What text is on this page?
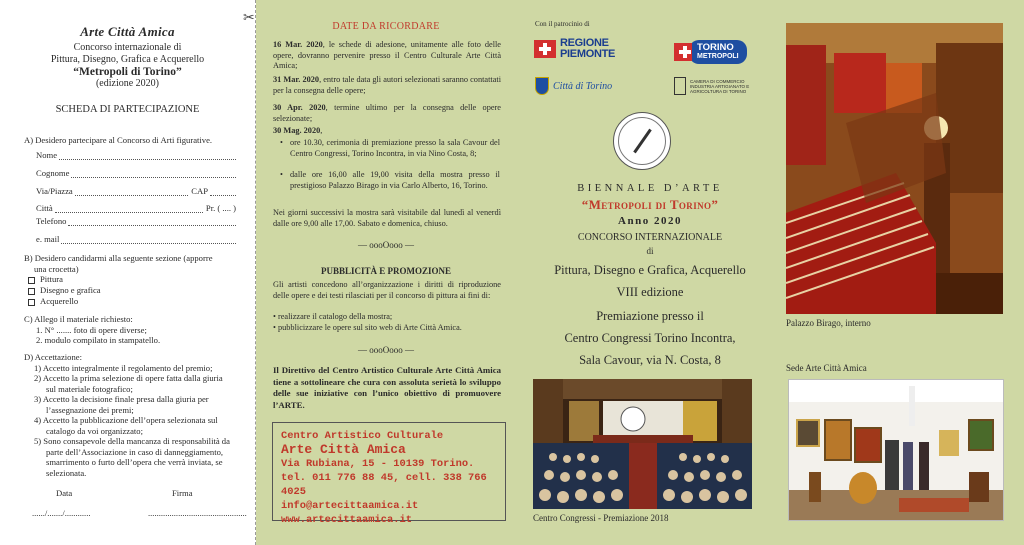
Arte Città Amica
Concorso internazionale di
Pittura, Disegno, Grafica e Acquerello
“Metropoli di Torino”
(edizione 2020)
SCHEDA DI PARTECIPAZIONE
A) Desidero partecipare al Concorso di Arti figurative.
Nome
Cognome
Via/Piazza	CAP
Città	Pr. ( .... )
Telefono
e. mail
B) Desidero candidarmi alla seguente sezione (apporre
una crocetta)
Pittura
Disegno e grafica
Acquerello
C) Allego il materiale richiesto:
1. N° ....... foto di opere diverse;
2. modulo compilato in stampatello.
D) Accettazione:
1) Accetto integralmente il regolamento del premio;
2) Accetto la prima selezione di opere fatta dalla giuria
sul materiale fotografico;
3) Accetto la decisione finale presa dalla giuria per
l’assegnazione dei premi;
4) Accetto la pubblicazione dell’opera selezionata sul
catalogo da voi organizzato;
5) Sono consapevole della mancanza di responsabilità da
parte dell’Associazione in caso di danneggiamento,
smarrimento o furto dell’opera che verrà inviata, se
selezionata.
Data	Firma
....../......./............	..............................................
✂
DATE DA RICORDARE
16 Mar. 2020, le schede di adesione, unitamente alle foto delle opere, dovranno pervenire presso il Centro Culturale Arte Città Amica;
31 Mar. 2020, entro tale data gli autori selezionati saranno contattati per la consegna delle opere;
30 Apr. 2020, termine ultimo per la consegna delle opere selezionate;
30 Mag. 2020,
• ore 10.30, cerimonia di premiazione presso la sala Cavour del Centro Congressi, Torino Incontra, in via Nino Costa, 8;
• dalle ore 16,00 alle 19,00 visita della mostra presso il prestigioso Palazzo Birago in via Carlo Alberto, 16, Torino.
Nei giorni successivi la mostra sarà visitabile dal lunedì al venerdì dalle ore 9,00 alle 17,00. Sabato e domenica, chiuso.
— oooOooo —
PUBBLICITÀ E PROMOZIONE
Gli artisti concedono all’organizzazione i diritti di riproduzione delle opere e dei testi rilasciati per il concorso di pittura ai fini di:
• realizzare il catalogo della mostra;
• pubblicizzare le opere sul sito web di Arte Città Amica.
— oooOooo —
Il Direttivo del Centro Artistico Culturale Arte Città Amica tiene a sottolineare che cura con assoluta serietà lo sviluppo delle sue iniziative con l’unico obiettivo di promuovere l’ARTE.
Centro Artistico Culturale
Arte Città Amica
Via Rubiana, 15 - 10139 Torino.
tel. 011 776 88 45, cell. 338 766 4025
info@artecittaamica.it
www.artecittaamica.it
Con il patrocinio di
REGIONE
PIEMONTE
TORINO
METROPOLI
Città di Torino	CAMERA DI COMMERCIO INDUSTRIA ARTIGIANATO E AGRICOLTURA DI TORINO
BIENNALE D’ARTE
“Metropoli di Torino”
Anno 2020
CONCORSO INTERNAZIONALE
di
Pittura, Disegno e Grafica, Acquerello
VIII edizione
Premiazione presso il
Centro Congressi Torino Incontra,
Sala Cavour, via N. Costa, 8
Centro Congressi - Premiazione 2018
Palazzo Birago, interno
Sede Arte Città Amica
